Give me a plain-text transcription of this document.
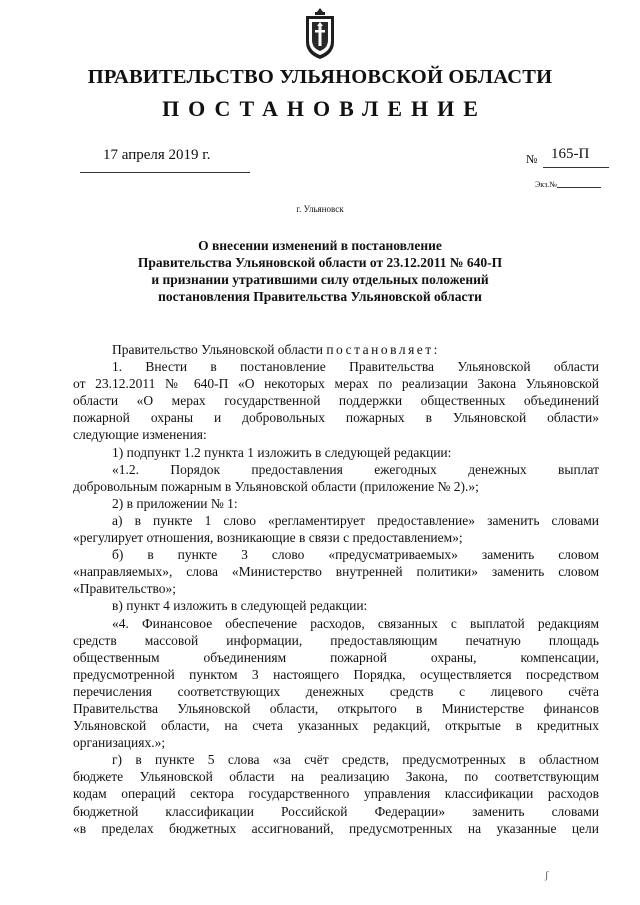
ПРАВИТЕЛЬСТВО УЛЬЯНОВСКОЙ ОБЛАСТИ
ПОСТАНОВЛЕНИЕ
17 апреля 2019 г.	№ 165-П
Экз.№
г. Ульяновск
О внесении изменений в постановление
Правительства Ульяновской области от 23.12.2011 № 640-П
и признании утратившими силу отдельных положений
постановления Правительства Ульяновской области
Правительство Ульяновской области постановляет:
1. Внести в постановление Правительства Ульяновской области
от 23.12.2011 № 640-П «О некоторых мерах по реализации Закона Ульяновской
области «О мерах государственной поддержки общественных объединений
пожарной охраны и добровольных пожарных в Ульяновской области»
следующие изменения:
1) подпункт 1.2 пункта 1 изложить в следующей редакции:
«1.2. Порядок предоставления ежегодных денежных выплат
добровольным пожарным в Ульяновской области (приложение № 2).»;
2) в приложении № 1:
а) в пункте 1 слово «регламентирует предоставление» заменить словами
«регулирует отношения, возникающие в связи с предоставлением»;
б) в пункте 3 слово «предусматриваемых» заменить словом
«направляемых», слова «Министерство внутренней политики» заменить словом
«Правительство»;
в) пункт 4 изложить в следующей редакции:
«4. Финансовое обеспечение расходов, связанных с выплатой редакциям
средств массовой информации, предоставляющим печатную площадь
общественным объединениям пожарной охраны, компенсации,
предусмотренной пунктом 3 настоящего Порядка, осуществляется посредством
перечисления соответствующих денежных средств с лицевого счёта
Правительства Ульяновской области, открытого в Министерстве финансов
Ульяновской области, на счета указанных редакций, открытые в кредитных
организациях.»;
г) в пункте 5 слова «за счёт средств, предусмотренных в областном
бюджете Ульяновской области на реализацию Закона, по соответствующим
кодам операций сектора государственного управления классификации расходов
бюджетной классификации Российской Федерации» заменить словами
«в пределах бюджетных ассигнований, предусмотренных на указанные цели
ʃ
